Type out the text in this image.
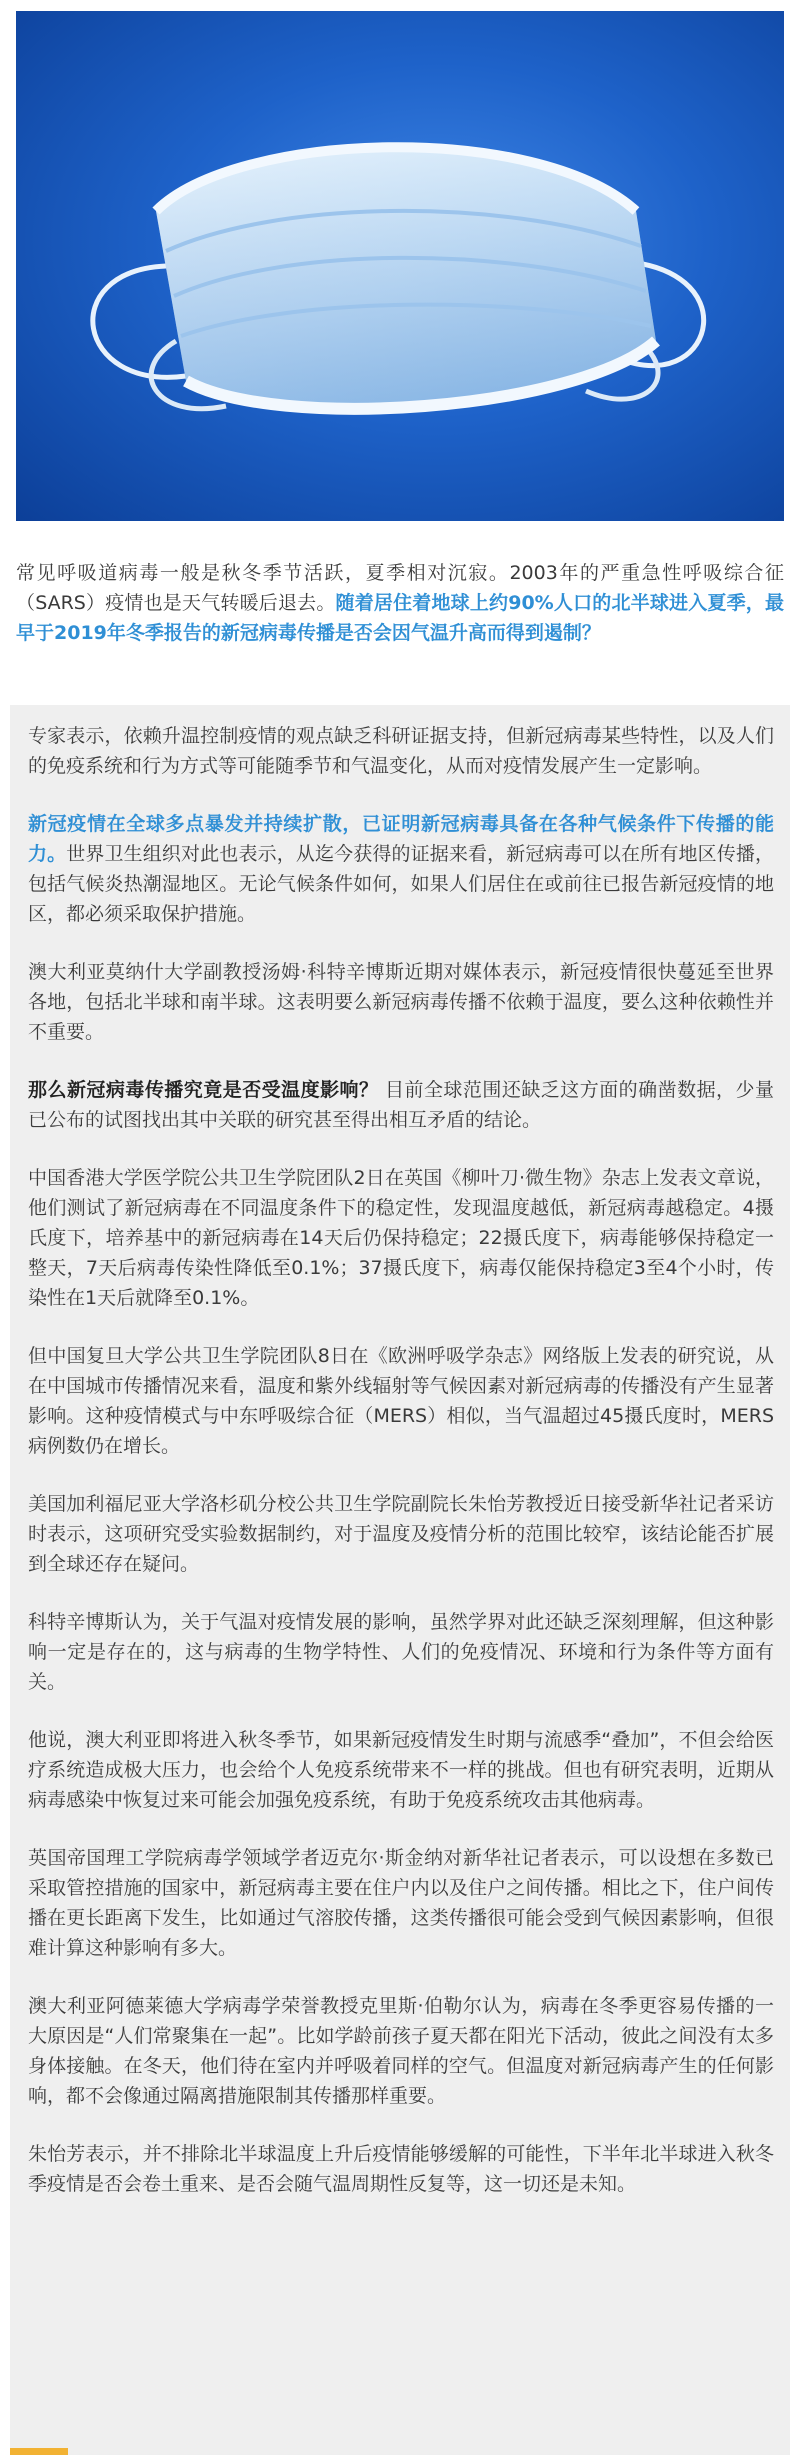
常见呼吸道病毒一般是秋冬季节活跃，夏季相对沉寂。2003年的严重急性呼吸综合征（SARS）疫情也是天气转暖后退去。随着居住着地球上约90%人口的北半球进入夏季，最早于2019年冬季报告的新冠病毒传播是否会因气温升高而得到遏制？

专家表示，依赖升温控制疫情的观点缺乏科研证据支持，但新冠病毒某些特性，以及人们的免疫系统和行为方式等可能随季节和气温变化，从而对疫情发展产生一定影响。

新冠疫情在全球多点暴发并持续扩散，已证明新冠病毒具备在各种气候条件下传播的能力。世界卫生组织对此也表示，从迄今获得的证据来看，新冠病毒可以在所有地区传播，包括气候炎热潮湿地区。无论气候条件如何，如果人们居住在或前往已报告新冠疫情的地区，都必须采取保护措施。

澳大利亚莫纳什大学副教授汤姆·科特辛博斯近期对媒体表示，新冠疫情很快蔓延至世界各地，包括北半球和南半球。这表明要么新冠病毒传播不依赖于温度，要么这种依赖性并不重要。

那么新冠病毒传播究竟是否受温度影响？ 目前全球范围还缺乏这方面的确凿数据，少量已公布的试图找出其中关联的研究甚至得出相互矛盾的结论。

中国香港大学医学院公共卫生学院团队2日在英国《柳叶刀·微生物》杂志上发表文章说，他们测试了新冠病毒在不同温度条件下的稳定性，发现温度越低，新冠病毒越稳定。4摄氏度下，培养基中的新冠病毒在14天后仍保持稳定；22摄氏度下，病毒能够保持稳定一整天，7天后病毒传染性降低至0.1%；37摄氏度下，病毒仅能保持稳定3至4个小时，传染性在1天后就降至0.1%。

但中国复旦大学公共卫生学院团队8日在《欧洲呼吸学杂志》网络版上发表的研究说，从在中国城市传播情况来看，温度和紫外线辐射等气候因素对新冠病毒的传播没有产生显著影响。这种疫情模式与中东呼吸综合征（MERS）相似，当气温超过45摄氏度时，MERS病例数仍在增长。

美国加利福尼亚大学洛杉矶分校公共卫生学院副院长朱怡芳教授近日接受新华社记者采访时表示，这项研究受实验数据制约，对于温度及疫情分析的范围比较窄，该结论能否扩展到全球还存在疑问。

科特辛博斯认为，关于气温对疫情发展的影响，虽然学界对此还缺乏深刻理解，但这种影响一定是存在的，这与病毒的生物学特性、人们的免疫情况、环境和行为条件等方面有关。

他说，澳大利亚即将进入秋冬季节，如果新冠疫情发生时期与流感季“叠加”，不但会给医疗系统造成极大压力，也会给个人免疫系统带来不一样的挑战。但也有研究表明，近期从病毒感染中恢复过来可能会加强免疫系统，有助于免疫系统攻击其他病毒。

英国帝国理工学院病毒学领域学者迈克尔·斯金纳对新华社记者表示，可以设想在多数已采取管控措施的国家中，新冠病毒主要在住户内以及住户之间传播。相比之下，住户间传播在更长距离下发生，比如通过气溶胶传播，这类传播很可能会受到气候因素影响，但很难计算这种影响有多大。

澳大利亚阿德莱德大学病毒学荣誉教授克里斯·伯勒尔认为，病毒在冬季更容易传播的一大原因是“人们常聚集在一起”。比如学龄前孩子夏天都在阳光下活动，彼此之间没有太多身体接触。在冬天，他们待在室内并呼吸着同样的空气。但温度对新冠病毒产生的任何影响，都不会像通过隔离措施限制其传播那样重要。

朱怡芳表示，并不排除北半球温度上升后疫情能够缓解的可能性，下半年北半球进入秋冬季疫情是否会卷土重来、是否会随气温周期性反复等，这一切还是未知。
